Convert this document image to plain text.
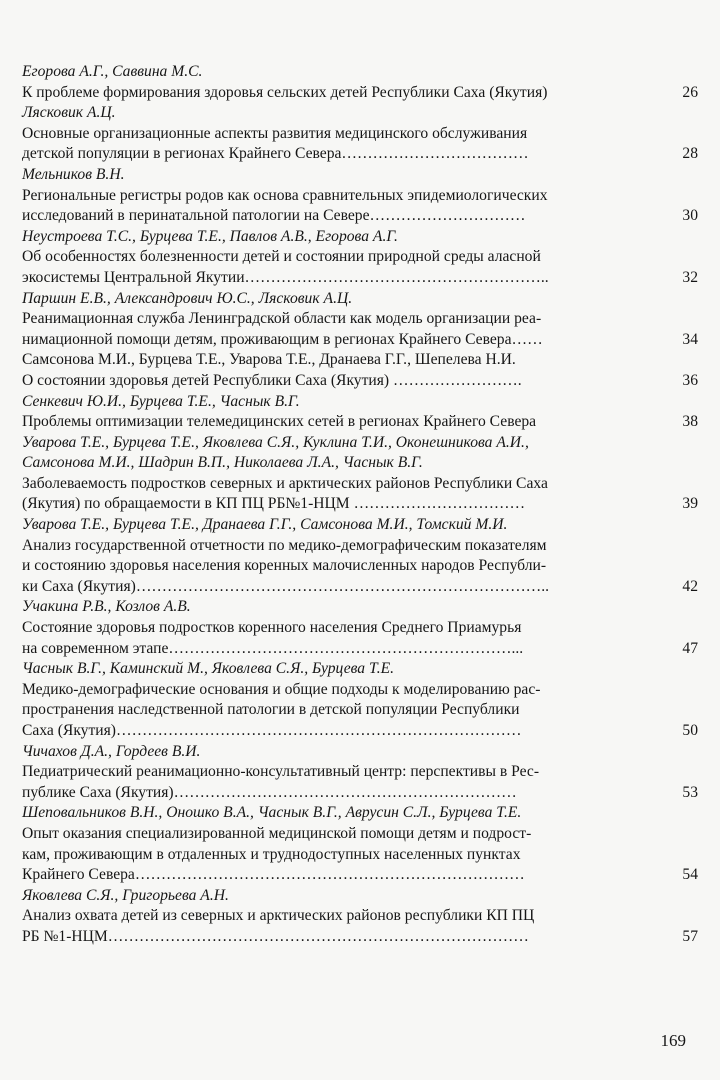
Егорова А.Г., Саввина М.С.

К проблеме формирования здоровья сельских детей Республики Саха (Якутия)	26

Лясковик А.Ц.

Основные организационные аспекты развития медицинского обслуживания
детской популяции в регионах Крайнего Севера………………………………	28

Мельников В.Н.

Региональные регистры родов как основа сравнительных эпидемиологических
исследований в перинатальной патологии на Севере…………………………	30

Неустроева Т.С., Бурцева Т.Е., Павлов А.В., Егорова А.Г.

Об особенностях болезненности детей и состоянии природной среды аласной
экосистемы Центральной Якутии…………………………………………………..	32

Паршин Е.В., Александрович Ю.С., Лясковик А.Ц.

Реанимационная служба Ленинградской области как модель организации реа-
нимационной помощи детям, проживающим в регионах Крайнего Севера……	34

Самсонова М.И., Бурцева Т.Е., Уварова Т.Е., Дранаева Г.Г., Шепелева Н.И.

О состоянии здоровья детей Республики Саха (Якутия) …………………….	36

Сенкевич Ю.И., Бурцева Т.Е., Часнык В.Г.

Проблемы оптимизации телемедицинских сетей в регионах Крайнего Севера	38

Уварова Т.Е., Бурцева Т.Е., Яковлева С.Я., Куклина Т.И., Оконешникова А.И.,
Самсонова М.И., Шадрин В.П., Николаева Л.А., Часнык В.Г.

Заболеваемость подростков северных и арктических районов Республики Саха
(Якутия) по обращаемости в КП ПЦ РБ№1-НЦМ ……………………………	39

Уварова Т.Е., Бурцева Т.Е., Дранаева Г.Г., Самсонова М.И., Томский М.И.

Анализ государственной отчетности по медико-демографическим показателям
и состоянию здоровья населения коренных малочисленных народов Республи-
ки Саха (Якутия)……………………………………………………………………..	42

Учакина Р.В., Козлов А.В.

Состояние здоровья подростков коренного населения Среднего Приамурья
на современном этапе…………………………………………………………...	47

Часнык В.Г., Каминский М., Яковлева С.Я., Бурцева Т.Е.

Медико-демографические основания и общие подходы к моделированию рас-
пространения наследственной патологии в детской популяции Республики
Саха (Якутия)……………………………………………………………………	50

Чичахов Д.А., Гордеев В.И.

Педиатрический реанимационно-консультативный центр: перспективы в Рес-
публике Саха (Якутия)…………………………………………………………	53

Шеповальников В.Н., Оношко В.А., Часнык В.Г., Аврусин С.Л., Бурцева Т.Е.

Опыт оказания специализированной медицинской помощи детям и подрост-
кам, проживающим в отдаленных и труднодоступных населенных пунктах
Крайнего Севера…………………………………………………………………	54

Яковлева С.Я., Григорьева А.Н.

Анализ охвата детей из северных и арктических районов республики КП ПЦ
РБ №1-НЦМ………………………………………………………………………	57
169
